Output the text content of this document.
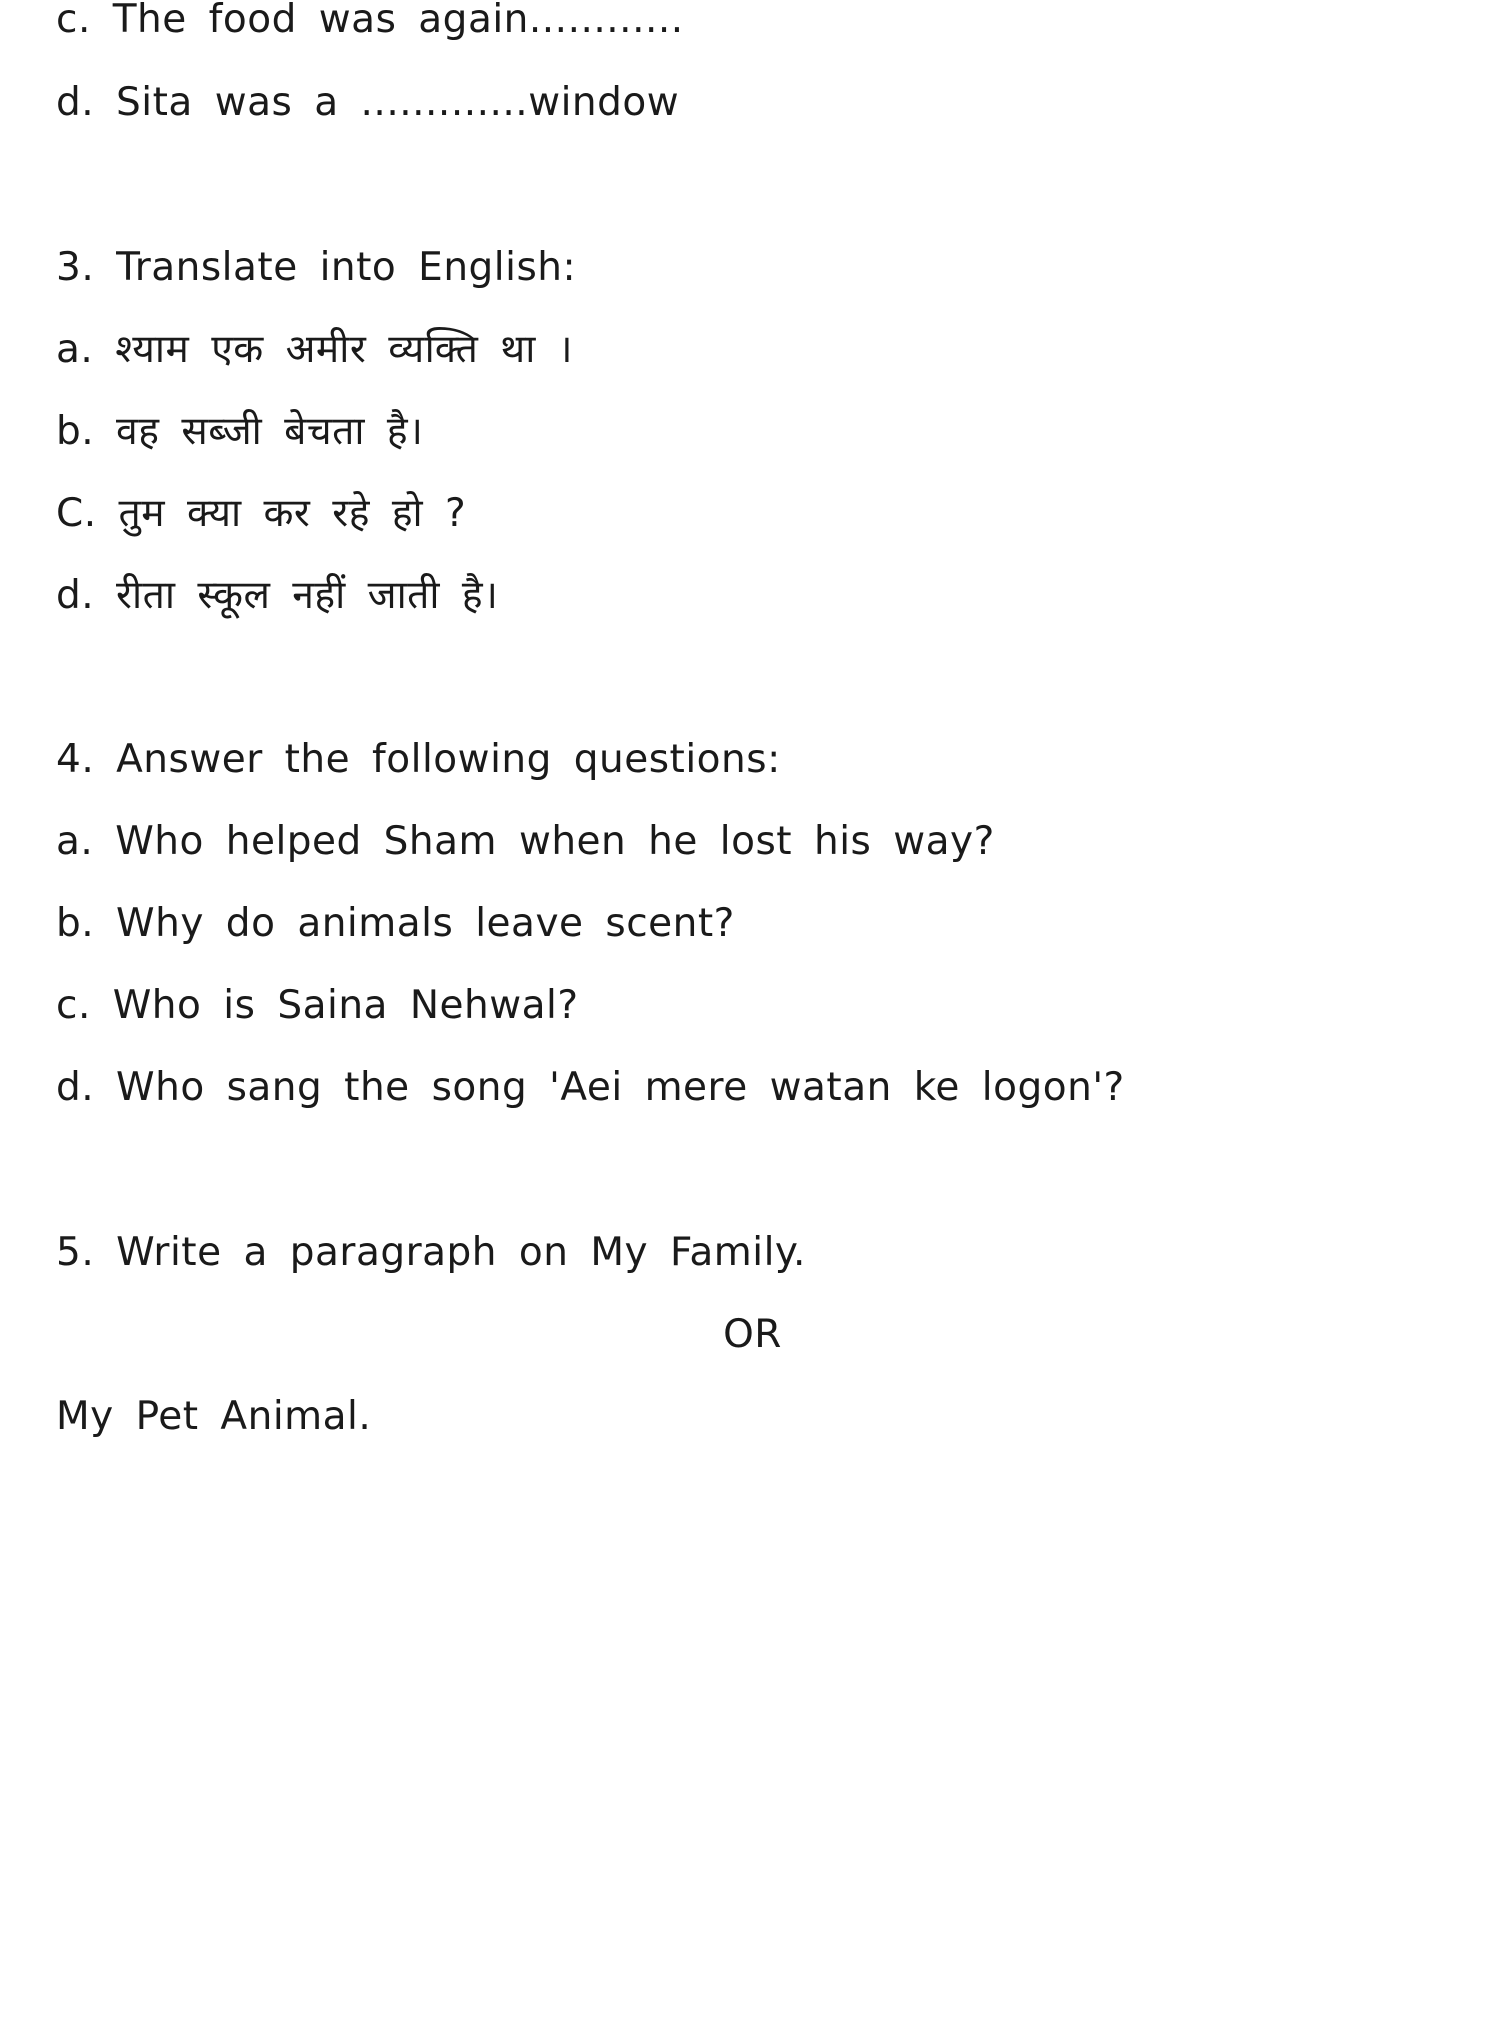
c. The food was again............
d. Sita was a .............window
3. Translate into English:
a. श्याम एक अमीर व्यक्ति था ।
b. वह सब्जी बेचता है।
C. तुम क्या कर रहे हो ?
d. रीता स्कूल नहीं जाती है।
4. Answer the following questions:
a. Who helped Sham when he lost his way?
b. Why do animals leave scent?
c. Who is Saina Nehwal?
d. Who sang the song 'Aei mere watan ke logon'?
5. Write a paragraph on My Family.
OR
My Pet Animal.
